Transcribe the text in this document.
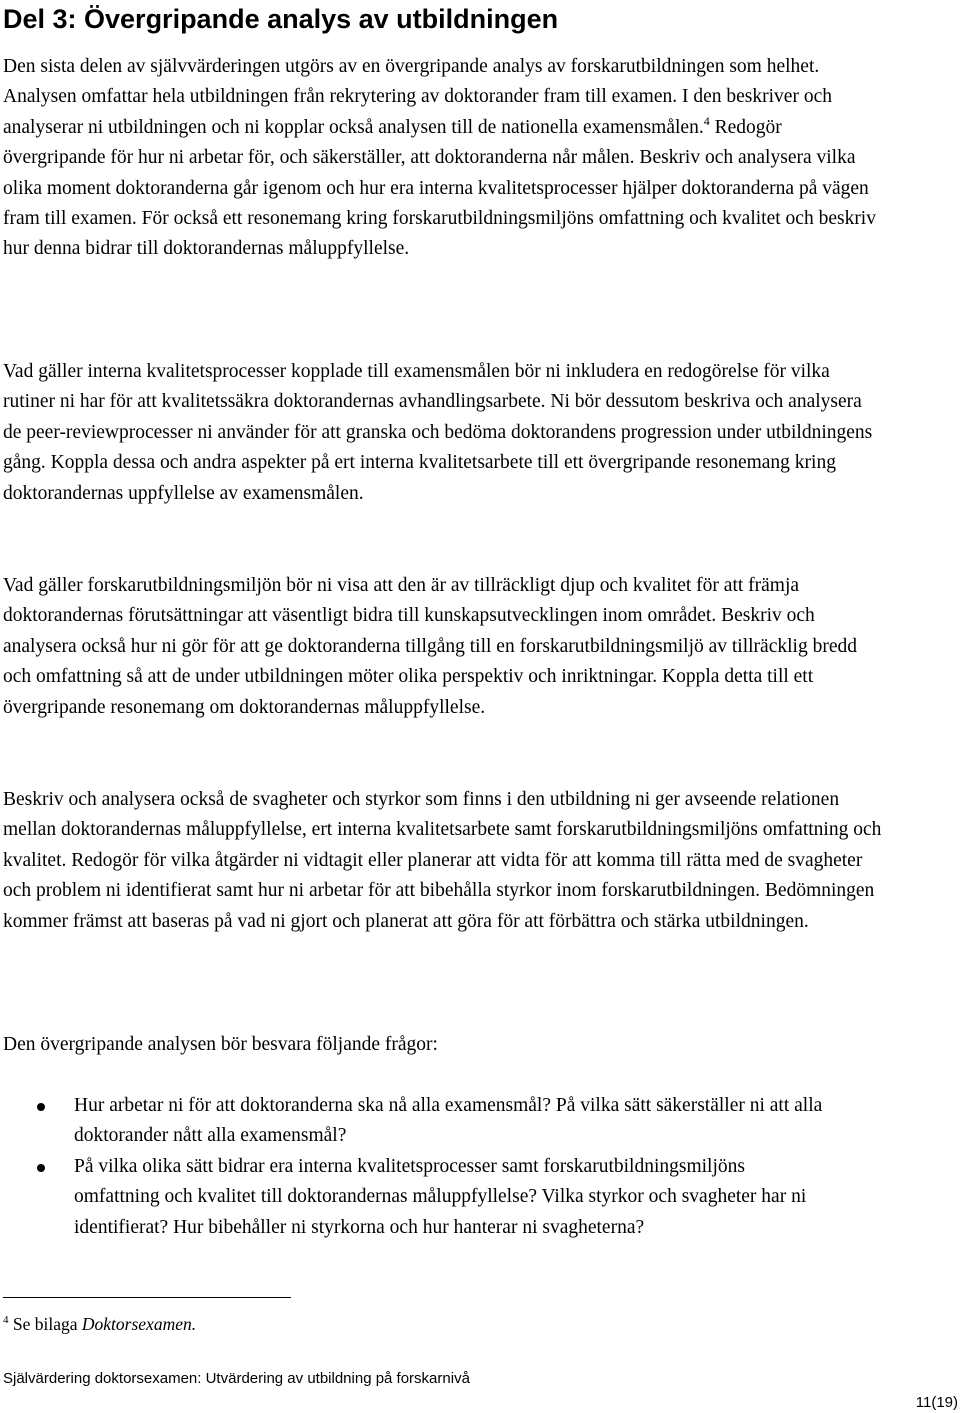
Del 3: Övergripande analys av utbildningen

Den sista delen av självvärderingen utgörs av en övergripande analys av forskarutbildningen som helhet. Analysen omfattar hela utbildningen från rekrytering av doktorander fram till examen. I den beskriver och analyserar ni utbildningen och ni kopplar också analysen till de nationella examensmålen.$^4$ Redogör övergripande för hur ni arbetar för, och säkerställer, att doktoranderna når målen. Beskriv och analysera vilka olika moment doktoranderna går igenom och hur era interna kvalitetsprocesser hjälper doktoranderna på vägen fram till examen. För också ett resonemang kring forskarutbildningsmiljöns omfattning och kvalitet och beskriv hur denna bidrar till doktorandernas måluppfyllelse.

Vad gäller interna kvalitetsprocesser kopplade till examensmålen bör ni inkludera en redogörelse för vilka rutiner ni har för att kvalitetssäkra doktorandernas avhandlingsarbete. Ni bör dessutom beskriva och analysera de peer-reviewprocesser ni använder för att granska och bedöma doktorandens progression under utbildningens gång. Koppla dessa och andra aspekter på ert interna kvalitetsarbete till ett övergripande resonemang kring doktorandernas uppfyllelse av examensmålen.

Vad gäller forskarutbildningsmiljön bör ni visa att den är av tillräckligt djup och kvalitet för att främja doktorandernas förutsättningar att väsentligt bidra till kunskapsutvecklingen inom området. Beskriv och analysera också hur ni gör för att ge doktoranderna tillgång till en forskarutbildningsmiljö av tillräcklig bredd och omfattning så att de under utbildningen möter olika perspektiv och inriktningar. Koppla detta till ett övergripande resonemang om doktorandernas måluppfyllelse.

Beskriv och analysera också de svagheter och styrkor som finns i den utbildning ni ger avseende relationen mellan doktorandernas måluppfyllelse, ert interna kvalitetsarbete samt forskarutbildningsmiljöns omfattning och kvalitet. Redogör för vilka åtgärder ni vidtagit eller planerar att vidta för att komma till rätta med de svagheter och problem ni identifierat samt hur ni arbetar för att bibehålla styrkor inom forskarutbildningen. Bedömningen kommer främst att baseras på vad ni gjort och planerat att göra för att förbättra och stärka utbildningen.

Den övergripande analysen bör besvara följande frågor:

Hur arbetar ni för att doktoranderna ska nå alla examensmål? På vilka sätt säkerställer ni att alla doktorander nått alla examensmål?
På vilka olika sätt bidrar era interna kvalitetsprocesser samt forskarutbildningsmiljöns omfattning och kvalitet till doktorandernas måluppfyllelse? Vilka styrkor och svagheter har ni identifierat? Hur bibehåller ni styrkorna och hur hanterar ni svagheterna?
$^4$ Se bilaga Doktorsexamen.
Självärdering doktorsexamen: Utvärdering av utbildning på forskarnivå
11(19)
